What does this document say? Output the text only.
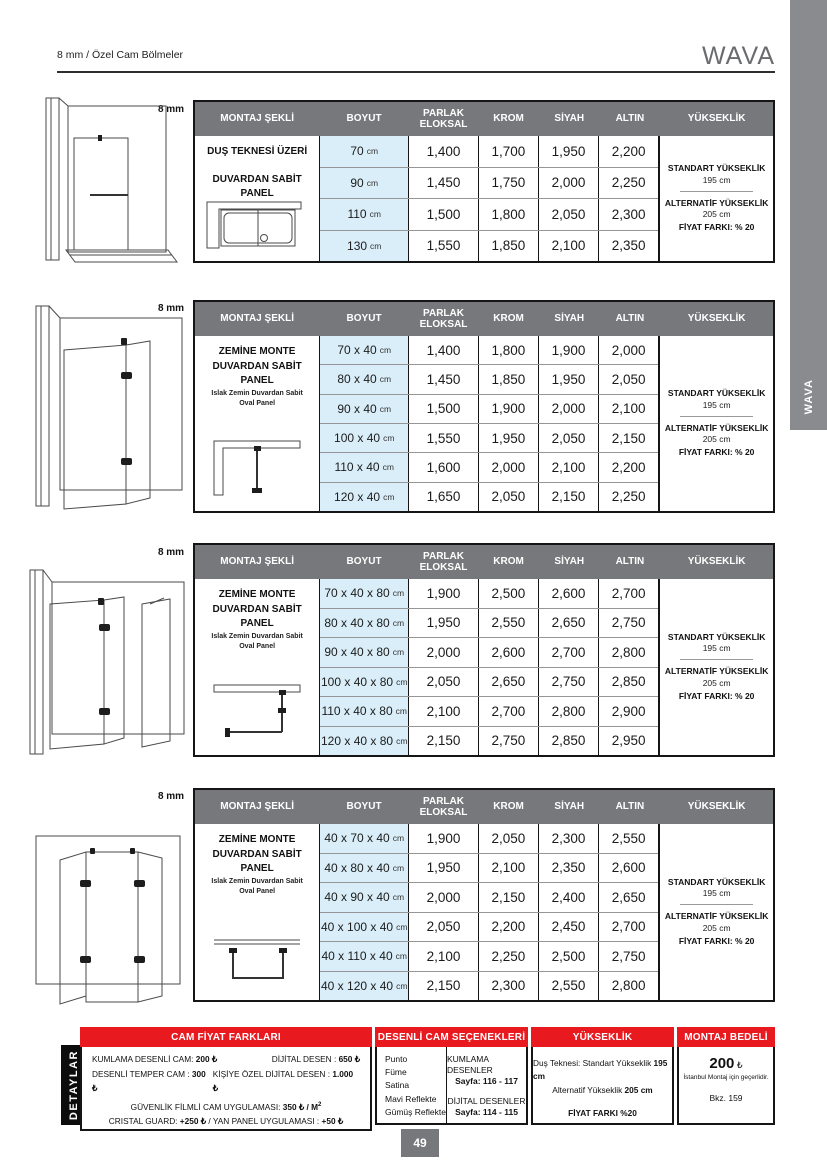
8 mm / Özel Cam Bölmeler	WAVA
WAVA
8 mm
8 mm
8 mm
8 mm
MONTAJ ŞEKLİ	BOYUT
PARLAK ELOKSAL
KROM	SİYAH	ALTIN	YÜKSEKLİK
DUŞ TEKNESİ ÜZERİ
DUVARDAN SABİT PANEL
70 cm	1,400	1,700	1,950	2,200
90 cm	1,450	1,750	2,000	2,250
110 cm	1,500	1,800	2,050	2,300
130 cm	1,550	1,850	2,100	2,350
STANDART YÜKSEKLİK
195 cm
ALTERNATİF YÜKSEKLİK
205 cm
FİYAT FARKI: % 20
MONTAJ ŞEKLİ	BOYUT
PARLAK ELOKSAL
KROM	SİYAH	ALTIN	YÜKSEKLİK
ZEMİNE MONTE
DUVARDAN SABİT PANEL
Islak Zemin Duvardan Sabit
Oval Panel
70 x 40 cm	1,400	1,800	1,900	2,000
80 x 40 cm	1,450	1,850	1,950	2,050
90 x 40 cm	1,500	1,900	2,000	2,100
100 x 40 cm	1,550	1,950	2,050	2,150
110 x 40 cm	1,600	2,000	2,100	2,200
120 x 40 cm	1,650	2,050	2,150	2,250
STANDART YÜKSEKLİK
195 cm
ALTERNATİF YÜKSEKLİK
205 cm
FİYAT FARKI: % 20
MONTAJ ŞEKLİ	BOYUT
PARLAK ELOKSAL
KROM	SİYAH	ALTIN	YÜKSEKLİK
ZEMİNE MONTE
DUVARDAN SABİT PANEL
Islak Zemin Duvardan Sabit
Oval Panel
70 x 40 x 80 cm	1,900	2,500	2,600	2,700
80 x 40 x 80 cm	1,950	2,550	2,650	2,750
90 x 40 x 80 cm	2,000	2,600	2,700	2,800
100 x 40 x 80 cm	2,050	2,650	2,750	2,850
110 x 40 x 80 cm	2,100	2,700	2,800	2,900
120 x 40 x 80 cm	2,150	2,750	2,850	2,950
STANDART YÜKSEKLİK
195 cm
ALTERNATİF YÜKSEKLİK
205 cm
FİYAT FARKI: % 20
MONTAJ ŞEKLİ	BOYUT
PARLAK ELOKSAL
KROM	SİYAH	ALTIN	YÜKSEKLİK
ZEMİNE MONTE
DUVARDAN SABİT PANEL
Islak Zemin Duvardan Sabit
Oval Panel
40 x 70 x 40 cm	1,900	2,050	2,300	2,550
40 x 80 x 40 cm	1,950	2,100	2,350	2,600
40 x 90 x 40 cm	2,000	2,150	2,400	2,650
40 x 100 x 40 cm	2,050	2,200	2,450	2,700
40 x 110 x 40 cm	2,100	2,250	2,500	2,750
40 x 120 x 40 cm	2,150	2,300	2,550	2,800
STANDART YÜKSEKLİK
195 cm
ALTERNATİF YÜKSEKLİK
205 cm
FİYAT FARKI: % 20
DETAYLAR
CAM FİYAT FARKLARI
KUMLAMA DESENLİ CAM: 200 ₺	DİJİTAL DESEN : 650 ₺
DESENLİ TEMPER CAM : 300 ₺
KİŞİYE ÖZEL DİJİTAL DESEN : 1.000 ₺
GÜVENLİK FİLMLİ CAM UYGULAMASI: 350 ₺ / $M^2$
CRISTAL GUARD: +250 ₺ / YAN PANEL UYGULAMASI : +50 ₺
DESENLİ CAM SEÇENEKLERİ
Punto
Füme
Satina
Mavi Reflekte
Gümüş Reflekte
KUMLAMA DESENLER
Sayfa: 116 - 117
DİJİTAL DESENLER
Sayfa: 114 - 115
YÜKSEKLİK
Duş Teknesi: Standart Yükseklik 195 cm
Alternatif Yükseklik 205 cm
FİYAT FARKI %20
MONTAJ BEDELİ
200 ₺
İstanbul Montaj için geçerlidir.
Bkz. 159
49
